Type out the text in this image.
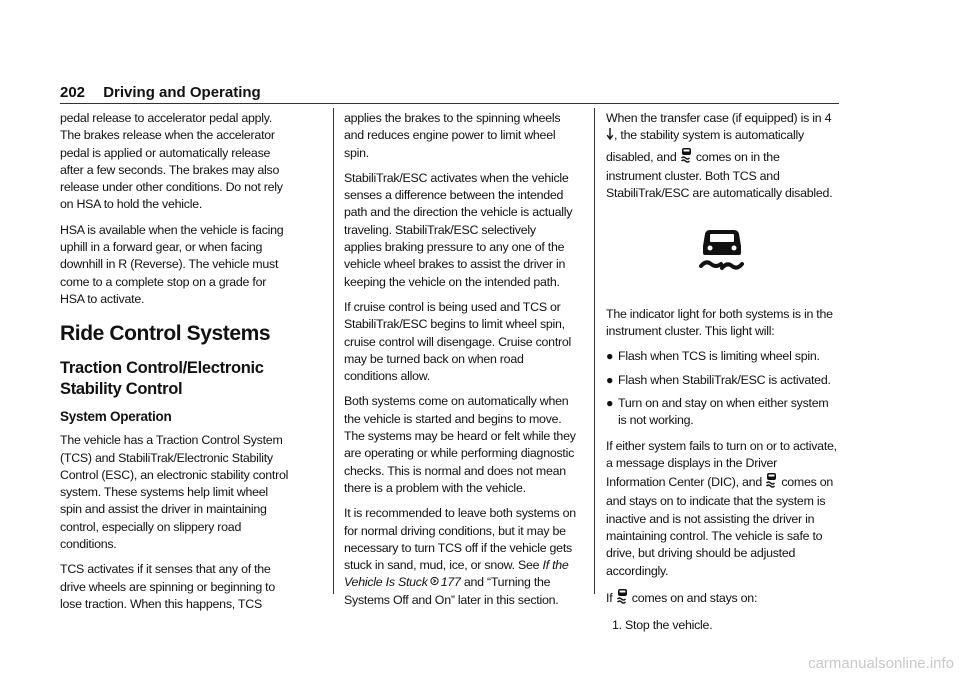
202 Driving and Operating

pedal release to accelerator pedal apply. The brakes release when the accelerator pedal is applied or automatically release after a few seconds. The brakes may also release under other conditions. Do not rely on HSA to hold the vehicle.

HSA is available when the vehicle is facing uphill in a forward gear, or when facing downhill in R (Reverse). The vehicle must come to a complete stop on a grade for HSA to activate.

Ride Control Systems
Traction Control/Electronic Stability Control
System Operation

The vehicle has a Traction Control System (TCS) and StabiliTrak/Electronic Stability Control (ESC), an electronic stability control system. These systems help limit wheel spin and assist the driver in maintaining control, especially on slippery road conditions.

TCS activates if it senses that any of the drive wheels are spinning or beginning to lose traction. When this happens, TCS

applies the brakes to the spinning wheels and reduces engine power to limit wheel spin.

StabiliTrak/ESC activates when the vehicle senses a difference between the intended path and the direction the vehicle is actually traveling. StabiliTrak/ESC selectively applies braking pressure to any one of the vehicle wheel brakes to assist the driver in keeping the vehicle on the intended path.

If cruise control is being used and TCS or StabiliTrak/ESC begins to limit wheel spin, cruise control will disengage. Cruise control may be turned back on when road conditions allow.

Both systems come on automatically when the vehicle is started and begins to move. The systems may be heard or felt while they are operating or while performing diagnostic checks. This is normal and does not mean there is a problem with the vehicle.

It is recommended to leave both systems on for normal driving conditions, but it may be necessary to turn TCS off if the vehicle gets stuck in sand, mud, ice, or snow. See If the Vehicle Is Stuck 177 and “Turning the Systems Off and On” later in this section.

When the transfer case (if equipped) is in 4
, the stability system is automatically disabled, and  comes on in the instrument cluster. Both TCS and StabiliTrak/ESC are automatically disabled.

The indicator light for both systems is in the instrument cluster. This light will:

● Flash when TCS is limiting wheel spin.
● Flash when StabiliTrak/ESC is activated.
● Turn on and stay on when either system is not working.

If either system fails to turn on or to activate, a message displays in the Driver Information Center (DIC), and  comes on and stays on to indicate that the system is inactive and is not assisting the driver in maintaining control. The vehicle is safe to drive, but driving should be adjusted accordingly.

If  comes on and stays on:

1. Stop the vehicle.
carmanualsonline.info
